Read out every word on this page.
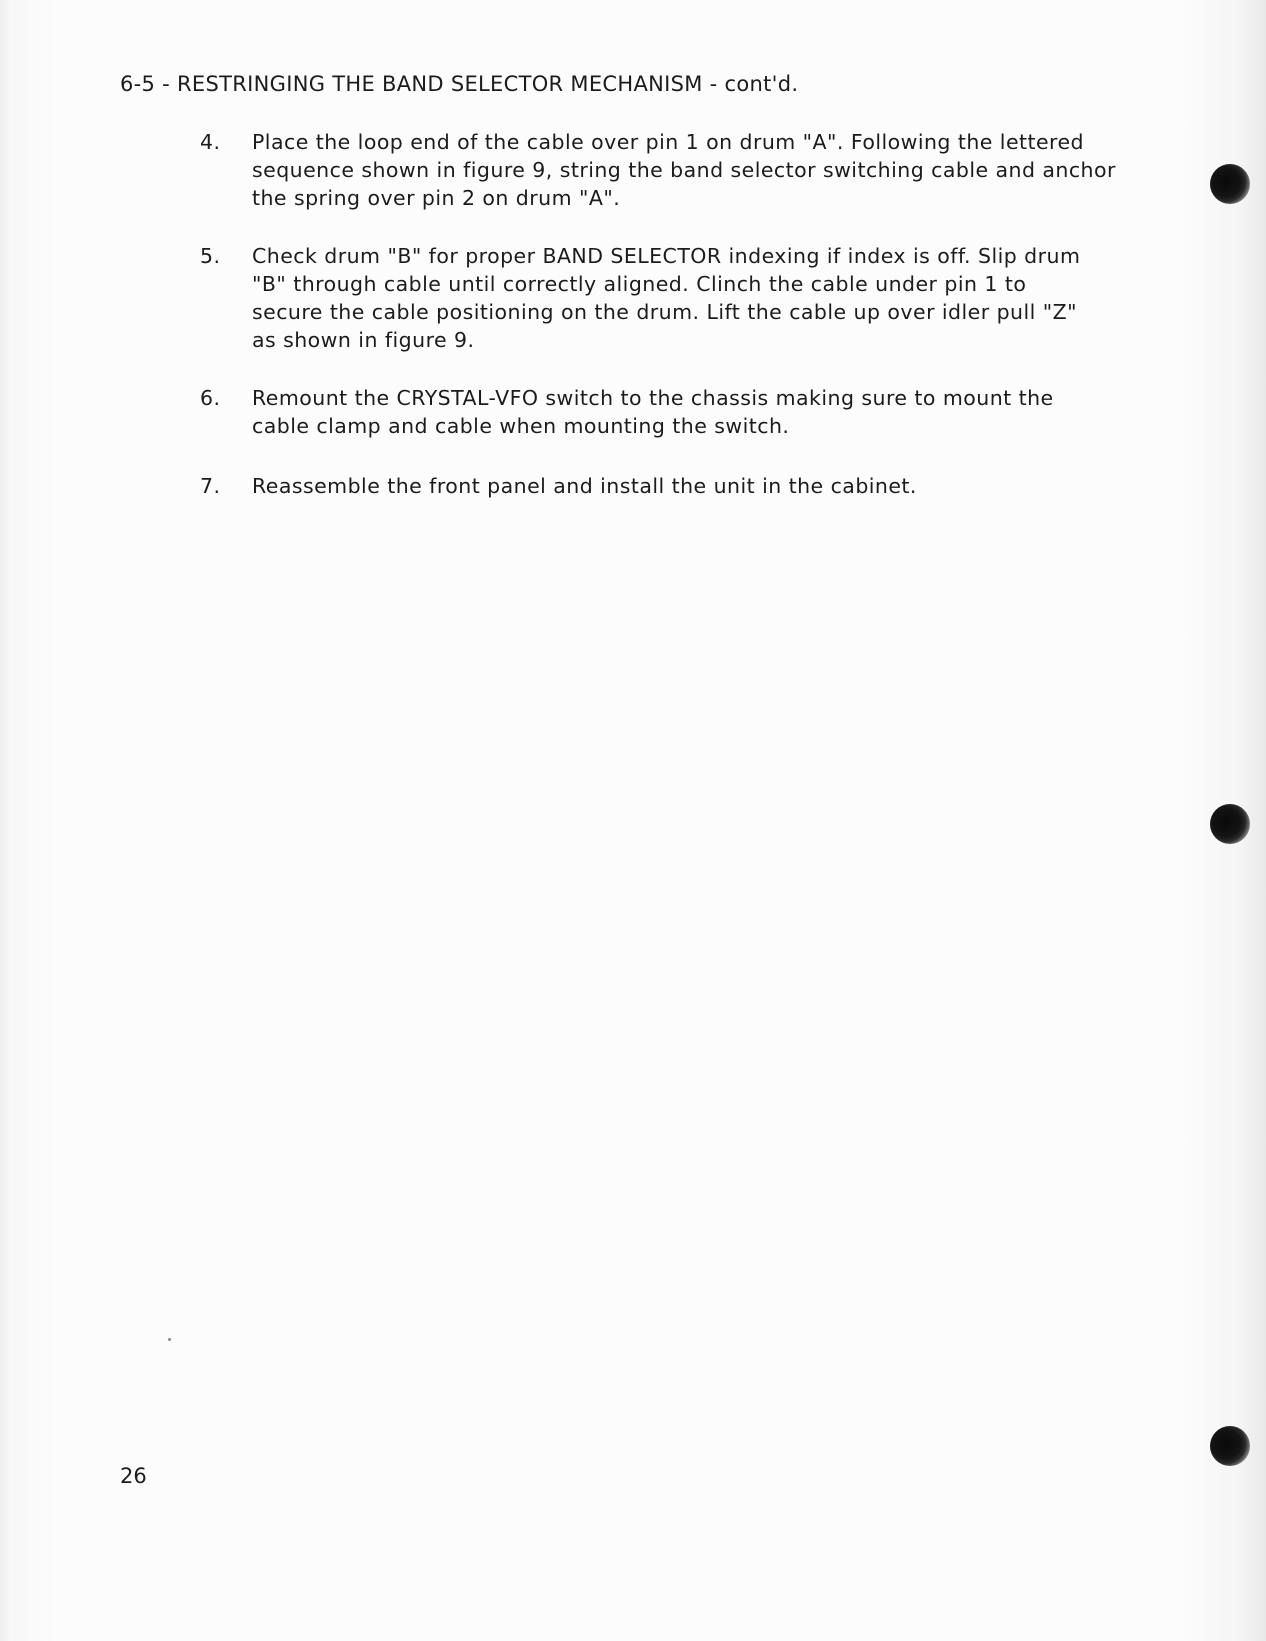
6-5 - RESTRINGING THE BAND SELECTOR MECHANISM - cont'd.
4.	Place the loop end of the cable over pin 1 on drum "A". Following the lettered
sequence shown in figure 9, string the band selector switching cable and anchor
the spring over pin 2 on drum "A".
5.	Check drum "B" for proper BAND SELECTOR indexing if index is off. Slip drum
"B" through cable until correctly aligned. Clinch the cable under pin 1 to
secure the cable positioning on the drum. Lift the cable up over idler pull "Z"
as shown in figure 9.
6.	Remount the CRYSTAL-VFO switch to the chassis making sure to mount the
cable clamp and cable when mounting the switch.
7.	Reassemble the front panel and install the unit in the cabinet.
26
